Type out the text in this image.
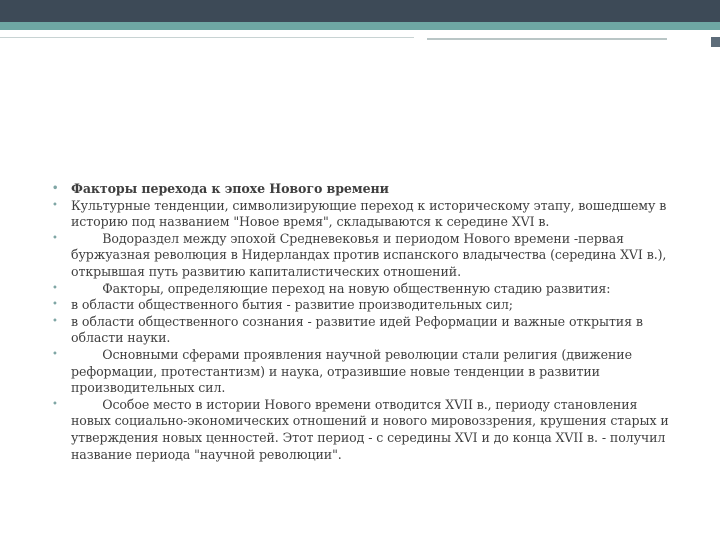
• Факторы перехода к эпохе Нового времени
• Культурные тенденции, символизирующие переход к историческому этапу, вошедшему в историю под названием "Новое время", складываются к середине XVI в.
• Водораздел между эпохой Средневековья и периодом Нового времени -первая буржуазная революция в Нидерландах против испанского владычества (середина XVI в.), открывшая путь развитию капиталистических отношений.
• Факторы, определяющие переход на новую общественную стадию развития:
• в области общественного бытия - развитие производительных сил;
• в области общественного сознания - развитие идей Реформации и важные открытия в области науки.
• Основными сферами проявления научной революции стали религия (движение реформации, протестантизм) и наука, отразившие новые тенденции в развитии производительных сил.
• Особое место в истории Нового времени отводится XVII в., периоду становления новых социально-экономических отношений и нового мировоззрения, крушения старых и утверждения новых ценностей. Этот период - с середины XVI и до конца XVII в. - получил название периода "научной революции".
